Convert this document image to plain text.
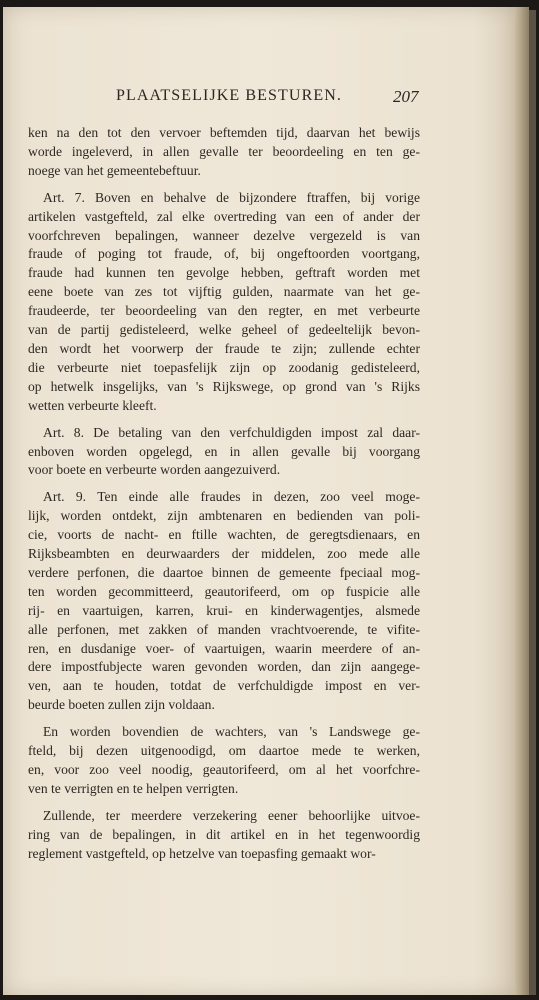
PLAATSELIJKE BESTUREN.	207

ken na den tot den vervoer beftemden tijd, daarvan het bewijs
worde ingeleverd, in allen gevalle ter beoordeeling en ten ge-
noege van het gemeentebeftuur.

Art. 7. Boven en behalve de bijzondere ftraffen, bij vorige
artikelen vastgefteld, zal elke overtreding van een of ander der
voorfchreven bepalingen, wanneer dezelve vergezeld is van
fraude of poging tot fraude, of, bij ongeftoorden voortgang,
fraude had kunnen ten gevolge hebben, geftraft worden met
eene boete van zes tot vijftig gulden, naarmate van het ge-
fraudeerde, ter beoordeeling van den regter, en met verbeurte
van de partij gedisteleerd, welke geheel of gedeeltelijk bevon-
den wordt het voorwerp der fraude te zijn; zullende echter
die verbeurte niet toepasfelijk zijn op zoodanig gedisteleerd,
op hetwelk insgelijks, van 's Rijkswege, op grond van 's Rijks
wetten verbeurte kleeft.

Art. 8. De betaling van den verfchuldigden impost zal daar-
enboven worden opgelegd, en in allen gevalle bij voorgang
voor boete en verbeurte worden aangezuiverd.

Art. 9. Ten einde alle fraudes in dezen, zoo veel moge-
lijk, worden ontdekt, zijn ambtenaren en bedienden van poli-
cie, voorts de nacht- en ftille wachten, de geregtsdienaars, en
Rijksbeambten en deurwaarders der middelen, zoo mede alle
verdere perfonen, die daartoe binnen de gemeente fpeciaal mog-
ten worden gecommitteerd, geautorifeerd, om op fuspicie alle
rij- en vaartuigen, karren, krui- en kinderwagentjes, alsmede
alle perfonen, met zakken of manden vrachtvoerende, te vifite-
ren, en dusdanige voer- of vaartuigen, waarin meerdere of an-
dere impostfubjecte waren gevonden worden, dan zijn aangege-
ven, aan te houden, totdat de verfchuldigde impost en ver-
beurde boeten zullen zijn voldaan.

En worden bovendien de wachters, van 's Landswege ge-
fteld, bij dezen uitgenoodigd, om daartoe mede te werken,
en, voor zoo veel noodig, geautorifeerd, om al het voorfchre-
ven te verrigten en te helpen verrigten.

Zullende, ter meerdere verzekering eener behoorlijke uitvoe-
ring van de bepalingen, in dit artikel en in het tegenwoordig
reglement vastgefteld, op hetzelve van toepasfing gemaakt wor-
